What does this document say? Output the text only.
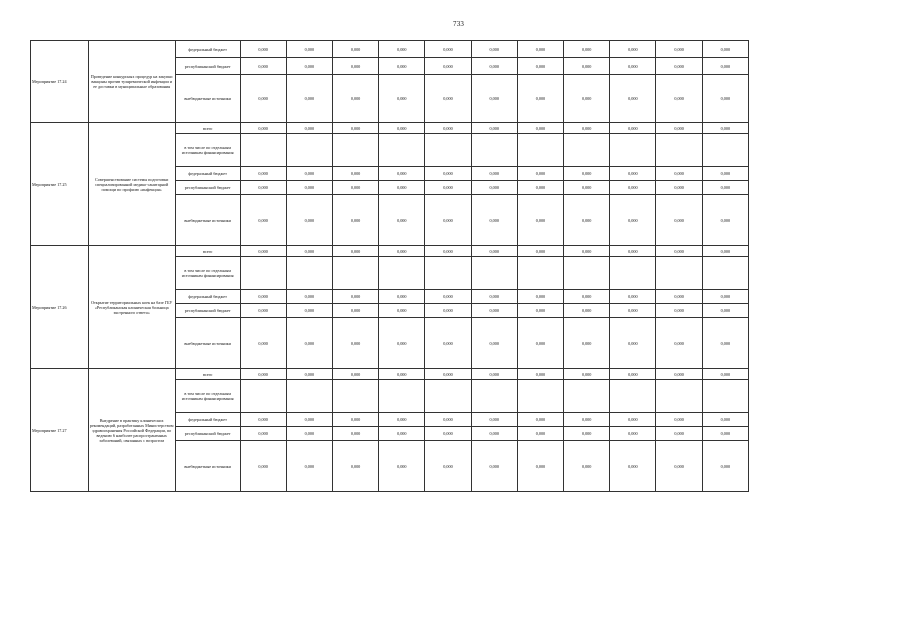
733
Мероприятие 17.24	Проведение конкурсных процедур на закупки вакцины против туляремической инфекции и ее доставки в муниципальные образования	федеральный бюджет	0,000	0,000	0,000	0,000	0,000	0,000	0,000	0,000	0,000	0,000	0,000
		республиканский бюджет	0,000	0,000	0,000	0,000	0,000	0,000	0,000	0,000	0,000	0,000	0,000
		внебюджетные источники	0,000	0,000	0,000	0,000	0,000	0,000	0,000	0,000	0,000	0,000	0,000
Мероприятие 17.25	Совершенствование системы подготовки специализированной медико-санитарной помощи по профилю «инфекция»	всего	0,000	0,000	0,000	0,000	0,000	0,000	0,000	0,000	0,000	0,000	0,000
		в том числе по отдельным источникам финансирования											
		федеральный бюджет	0,000	0,000	0,000	0,000	0,000	0,000	0,000	0,000	0,000	0,000	0,000
		республиканский бюджет	0,000	0,000	0,000	0,000	0,000	0,000	0,000	0,000	0,000	0,000	0,000
		внебюджетные источники	0,000	0,000	0,000	0,000	0,000	0,000	0,000	0,000	0,000	0,000	0,000
Мероприятие 17.26	Открытие территориальных коек на базе ГБУ «Республиканская клиническая больница экстренного ответа»	всего	0,000	0,000	0,000	0,000	0,000	0,000	0,000	0,000	0,000	0,000	0,000
		в том числе по отдельным источникам финансирования											
		федеральный бюджет	0,000	0,000	0,000	0,000	0,000	0,000	0,000	0,000	0,000	0,000	0,000
		республиканский бюджет	0,000	0,000	0,000	0,000	0,000	0,000	0,000	0,000	0,000	0,000	0,000
		внебюджетные источники	0,000	0,000	0,000	0,000	0,000	0,000	0,000	0,000	0,000	0,000	0,000
Мероприятие 17.27	Внедрение в практику клинических рекомендаций, разработанных Министерством здравоохранения Российской Федерации, по ведению 6 наиболее распространенных заболеваний, связанных с возрастом	всего	0,000	0,000	0,000	0,000	0,000	0,000	0,000	0,000	0,000	0,000	0,000
		в том числе по отдельным источникам финансирования											
		федеральный бюджет	0,000	0,000	0,000	0,000	0,000	0,000	0,000	0,000	0,000	0,000	0,000
		республиканский бюджет	0,000	0,000	0,000	0,000	0,000	0,000	0,000	0,000	0,000	0,000	0,000
		внебюджетные источники	0,000	0,000	0,000	0,000	0,000	0,000	0,000	0,000	0,000	0,000	0,000
